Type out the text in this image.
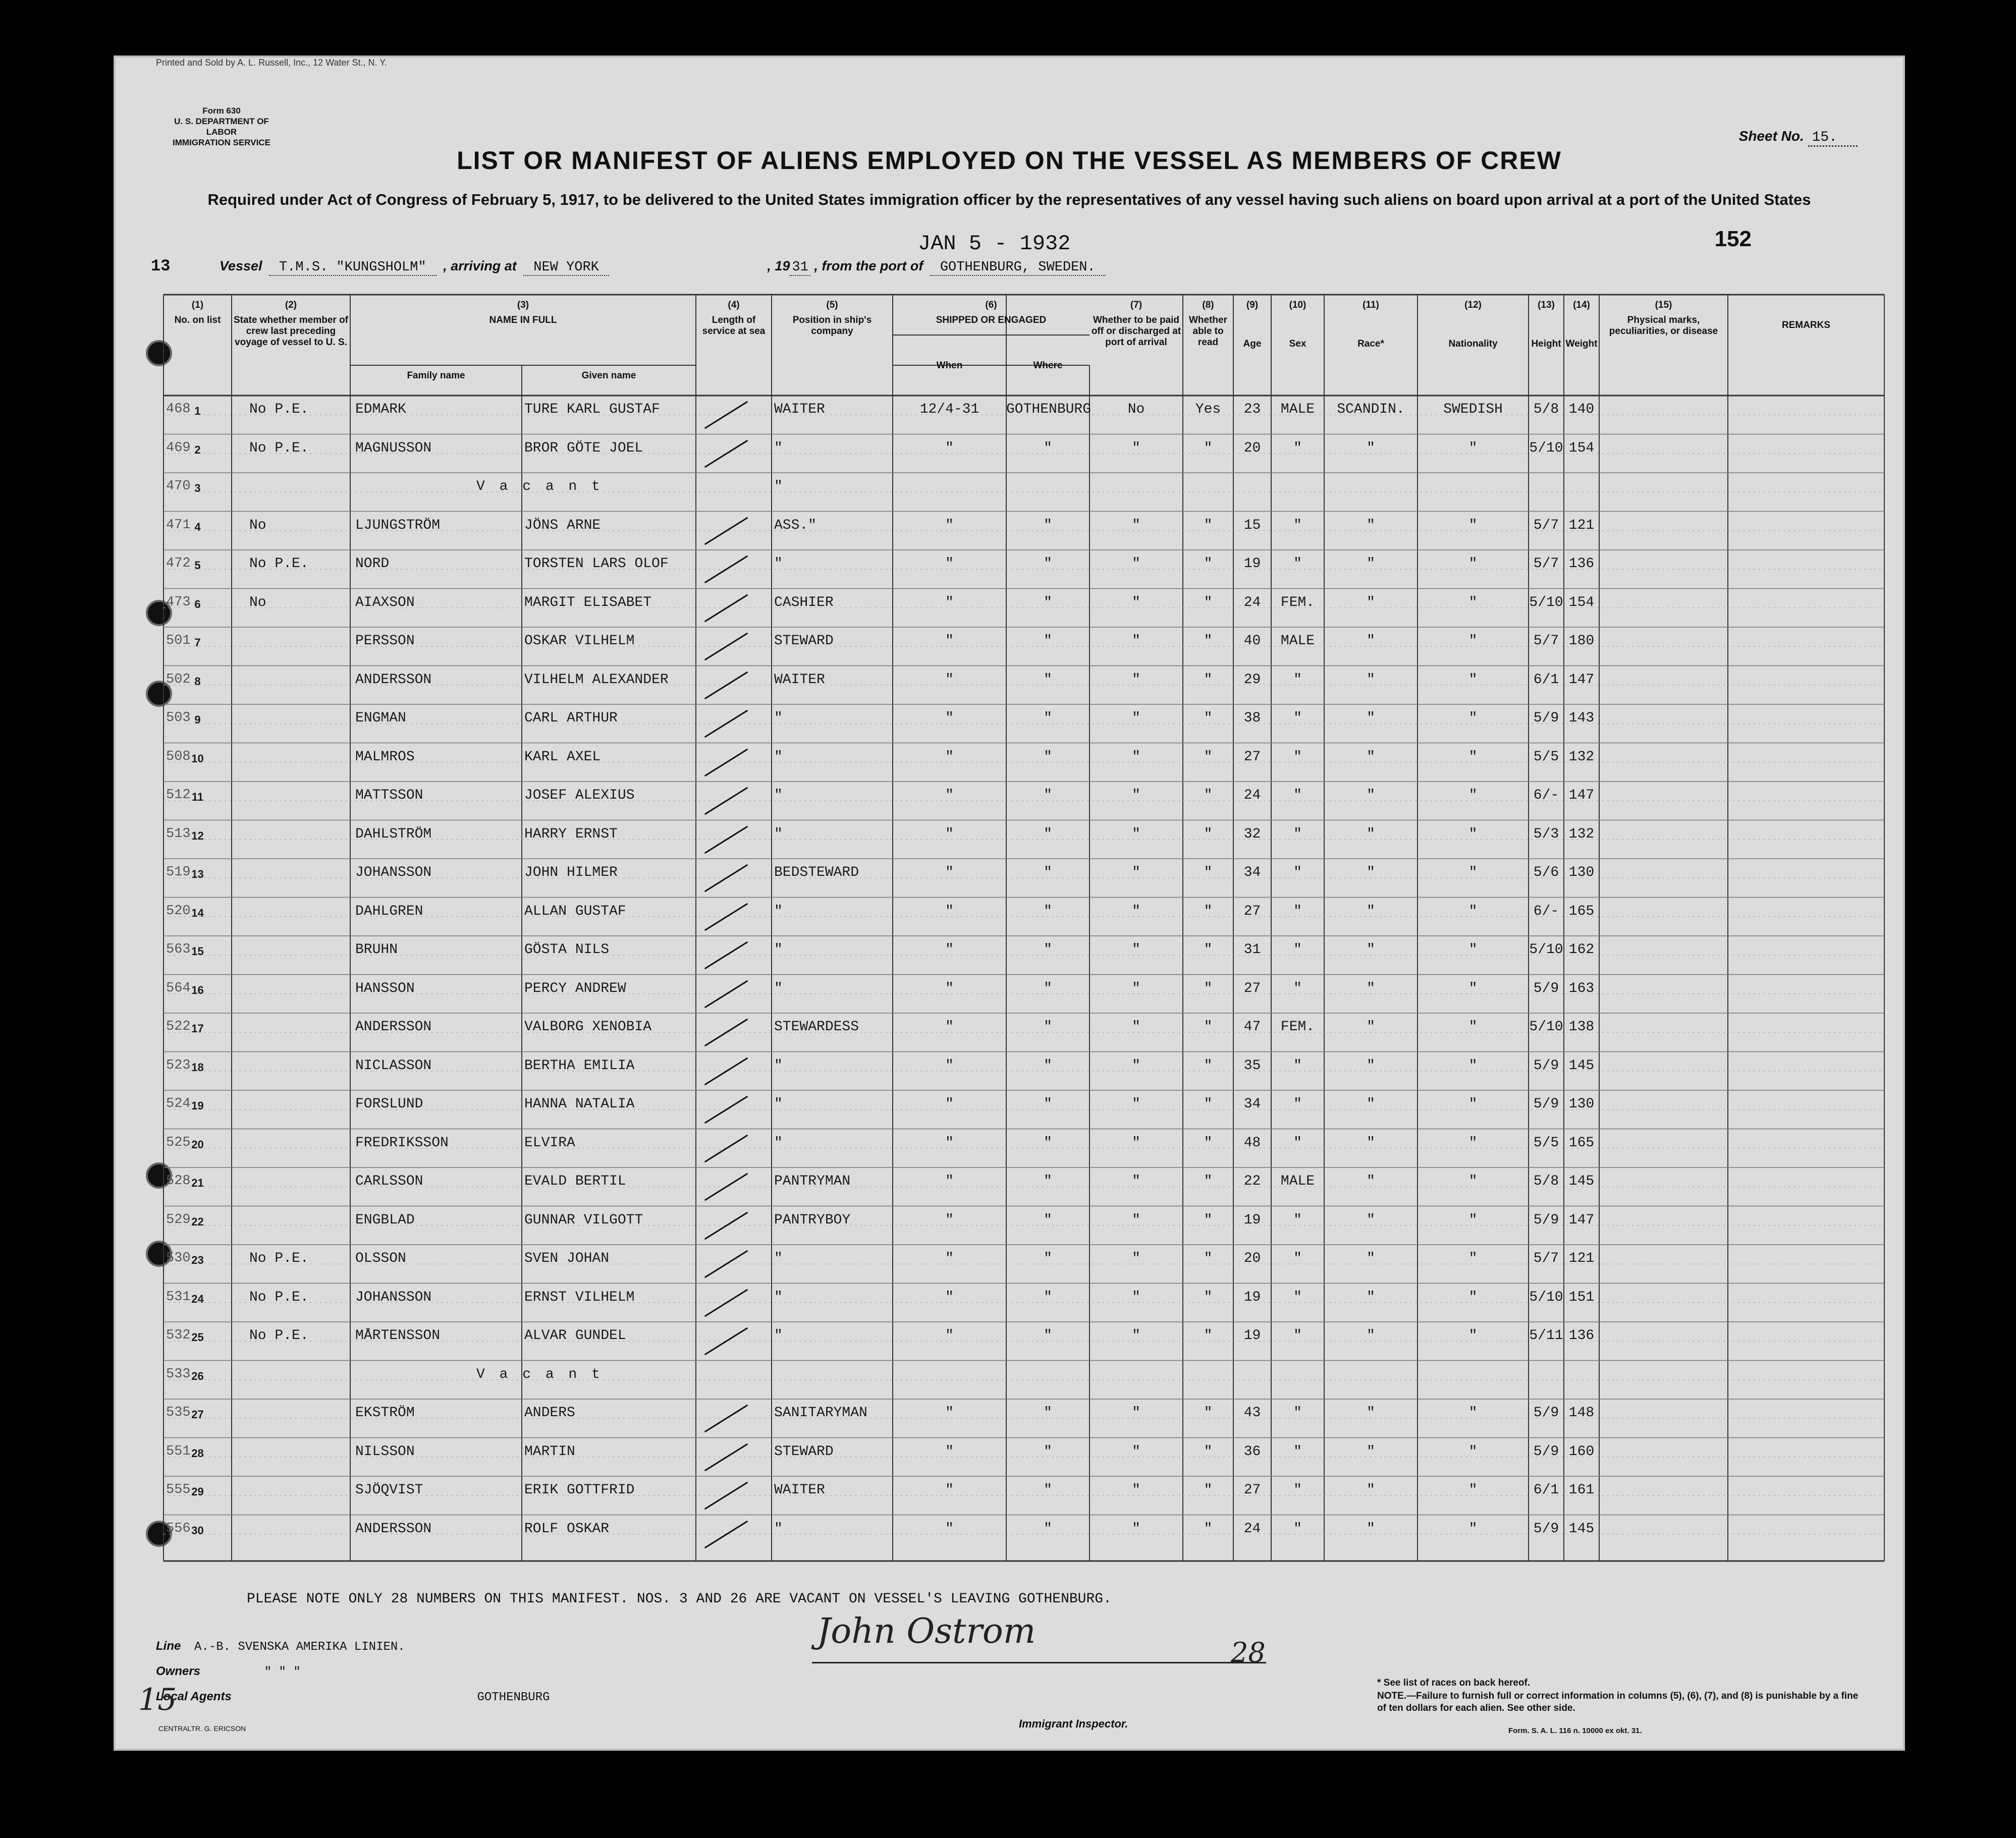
Printed and Sold by A. L. Russell, Inc., 12 Water St., N. Y.
Form 630
U. S. DEPARTMENT OF LABOR
IMMIGRATION SERVICE	Sheet No. 15.
LIST OR MANIFEST OF ALIENS EMPLOYED ON THE VESSEL AS MEMBERS OF CREW
Required under Act of Congress of February 5, 1917, to be delivered to the United States immigration officer by the representatives of any vessel having such aliens on board upon arrival at a port of the United States
152
JAN 5 - 1932
13	Vessel T.M.S. "KUNGSHOLM" , arriving at NEW YORK	, 19 31 , from the port of GOTHENBURG, SWEDEN.
(1)
No. on list
(2)
State whether member of crew last preceding voyage of vessel to U. S.
(3)
NAME IN FULL
Family name	Given name
(4)
Length of service at sea
(5)
Position in ship's company
(6)
SHIPPED OR ENGAGED
When	Where
(7)
Whether to be paid off or discharged at port of arrival
(8)
Whether able to read
(9)
Age
(10)
Sex
(11)
Race*
(12)
Nationality
(13)
Height
(14)
Weight
(15)
Physical marks, peculiarities, or disease
REMARKS
468 1	No P.E.	EDMARK	TURE KARL GUSTAF	WAITER	12/4-31	GOTHENBURG	No	Yes	23	MALE	SCANDIN.	SWEDISH	5/8 140
469 2	No P.E.	MAGNUSSON	BROR GÖTE JOEL	"	"	"	"	"	20	"	"	"	5/10 154
470 3	V a c a n t	"
471 4	No	LJUNGSTRÖM	JÖNS ARNE	ASS."	"	"	"	"	15	"	"	"	5/7 121
472 5	No P.E.	NORD	TORSTEN LARS OLOF	"	"	"	"	"	19	"	"	"	5/7 136
473 6	No	AIAXSON	MARGIT ELISABET	CASHIER	"	"	"	"	24	FEM.	"	"	5/10 154
501 7	PERSSON	OSKAR VILHELM	STEWARD	"	"	"	"	40	MALE	"	"	5/7 180
502 8	ANDERSSON	VILHELM ALEXANDER	WAITER	"	"	"	"	29	"	"	"	6/1 147
503 9	ENGMAN	CARL ARTHUR	"	"	"	"	"	38	"	"	"	5/9 143
508 10	MALMROS	KARL AXEL	"	"	"	"	"	27	"	"	"	5/5 132
512 11	MATTSSON	JOSEF ALEXIUS	"	"	"	"	"	24	"	"	"	6/- 147
513 12	DAHLSTRÖM	HARRY ERNST	"	"	"	"	"	32	"	"	"	5/3 132
519 13	JOHANSSON	JOHN HILMER	BEDSTEWARD	"	"	"	"	34	"	"	"	5/6 130
520 14	DAHLGREN	ALLAN GUSTAF	"	"	"	"	"	27	"	"	"	6/- 165
563 15	BRUHN	GÖSTA NILS	"	"	"	"	"	31	"	"	"	5/10 162
564 16	HANSSON	PERCY ANDREW	"	"	"	"	"	27	"	"	"	5/9 163
522 17	ANDERSSON	VALBORG XENOBIA	STEWARDESS	"	"	"	"	47	FEM.	"	"	5/10 138
523 18	NICLASSON	BERTHA EMILIA	"	"	"	"	"	35	"	"	"	5/9 145
524 19	FORSLUND	HANNA NATALIA	"	"	"	"	"	34	"	"	"	5/9 130
525 20	FREDRIKSSON	ELVIRA	"	"	"	"	"	48	"	"	"	5/5 165
528 21	CARLSSON	EVALD BERTIL	PANTRYMAN	"	"	"	"	22	MALE	"	"	5/8 145
529 22	ENGBLAD	GUNNAR VILGOTT	PANTRYBOY	"	"	"	"	19	"	"	"	5/9 147
530 23	No P.E.	OLSSON	SVEN JOHAN	"	"	"	"	"	20	"	"	"	5/7 121
531 24	No P.E.	JOHANSSON	ERNST VILHELM	"	"	"	"	"	19	"	"	"	5/10 151
532 25	No P.E.	MÅRTENSSON	ALVAR GUNDEL	"	"	"	"	"	19	"	"	"	5/11 136
533 26	V a c a n t
535 27	EKSTRÖM	ANDERS	SANITARYMAN	"	"	"	"	43	"	"	"	5/9 148
551 28	NILSSON	MARTIN	STEWARD	"	"	"	"	36	"	"	"	5/9 160
555 29	SJÖQVIST	ERIK GOTTFRID	WAITER	"	"	"	"	27	"	"	"	6/1 161
556 30	ANDERSSON	ROLF OSKAR	"	"	"	"	"	24	"	"	"	5/9 145
PLEASE NOTE ONLY 28 NUMBERS ON THIS MANIFEST. NOS. 3 AND 26 ARE VACANT ON VESSEL'S LEAVING GOTHENBURG.
Line A.-B. SVENSKA AMERIKA LINIEN.
Owners	" " "
Local Agents	GOTHENBURG
CENTRALTR. G. ERICSON
15
John Ostrom
Immigrant Inspector.
28
* See list of races on back hereof.
NOTE.—Failure to furnish full or correct information in columns (5), (6), (7), and (8) is punishable by a fine of ten dollars for each alien. See other side.
Form. S. A. L. 116 n. 10000 ex okt. 31.
